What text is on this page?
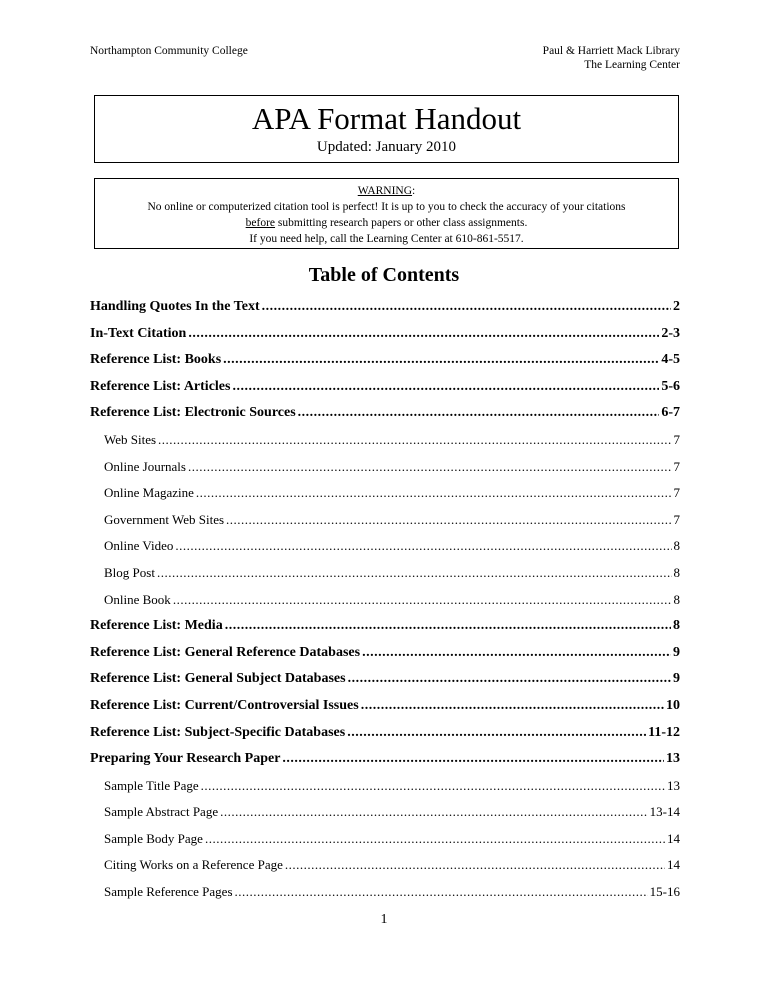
Northampton Community College	Paul & Harriett Mack Library
The Learning Center
APA Format Handout
Updated: January 2010
WARNING:
No online or computerized citation tool is perfect! It is up to you to check the accuracy of your citations
before submitting research papers or other class assignments.
If you need help, call the Learning Center at 610-861-5517.
Table of Contents
Handling Quotes In the Text .....	2
In-Text Citation .....	2-3
Reference List: Books .....	4-5
Reference List: Articles .....	5-6
Reference List: Electronic Sources .....	6-7
Web Sites .....	7
Online Journals .....	7
Online Magazine .....	7
Government Web Sites .....	7
Online Video .....	8
Blog Post .....	8
Online Book .....	8
Reference List: Media .....	8
Reference List: General Reference Databases .....	9
Reference List: General Subject Databases .....	9
Reference List: Current/Controversial Issues .....	10
Reference List: Subject-Specific Databases .....	11-12
Preparing Your Research Paper .....	13
Sample Title Page .....	13
Sample Abstract Page .....	13-14
Sample Body Page .....	14
Citing Works on a Reference Page .....	14
Sample Reference Pages .....	15-16
1
